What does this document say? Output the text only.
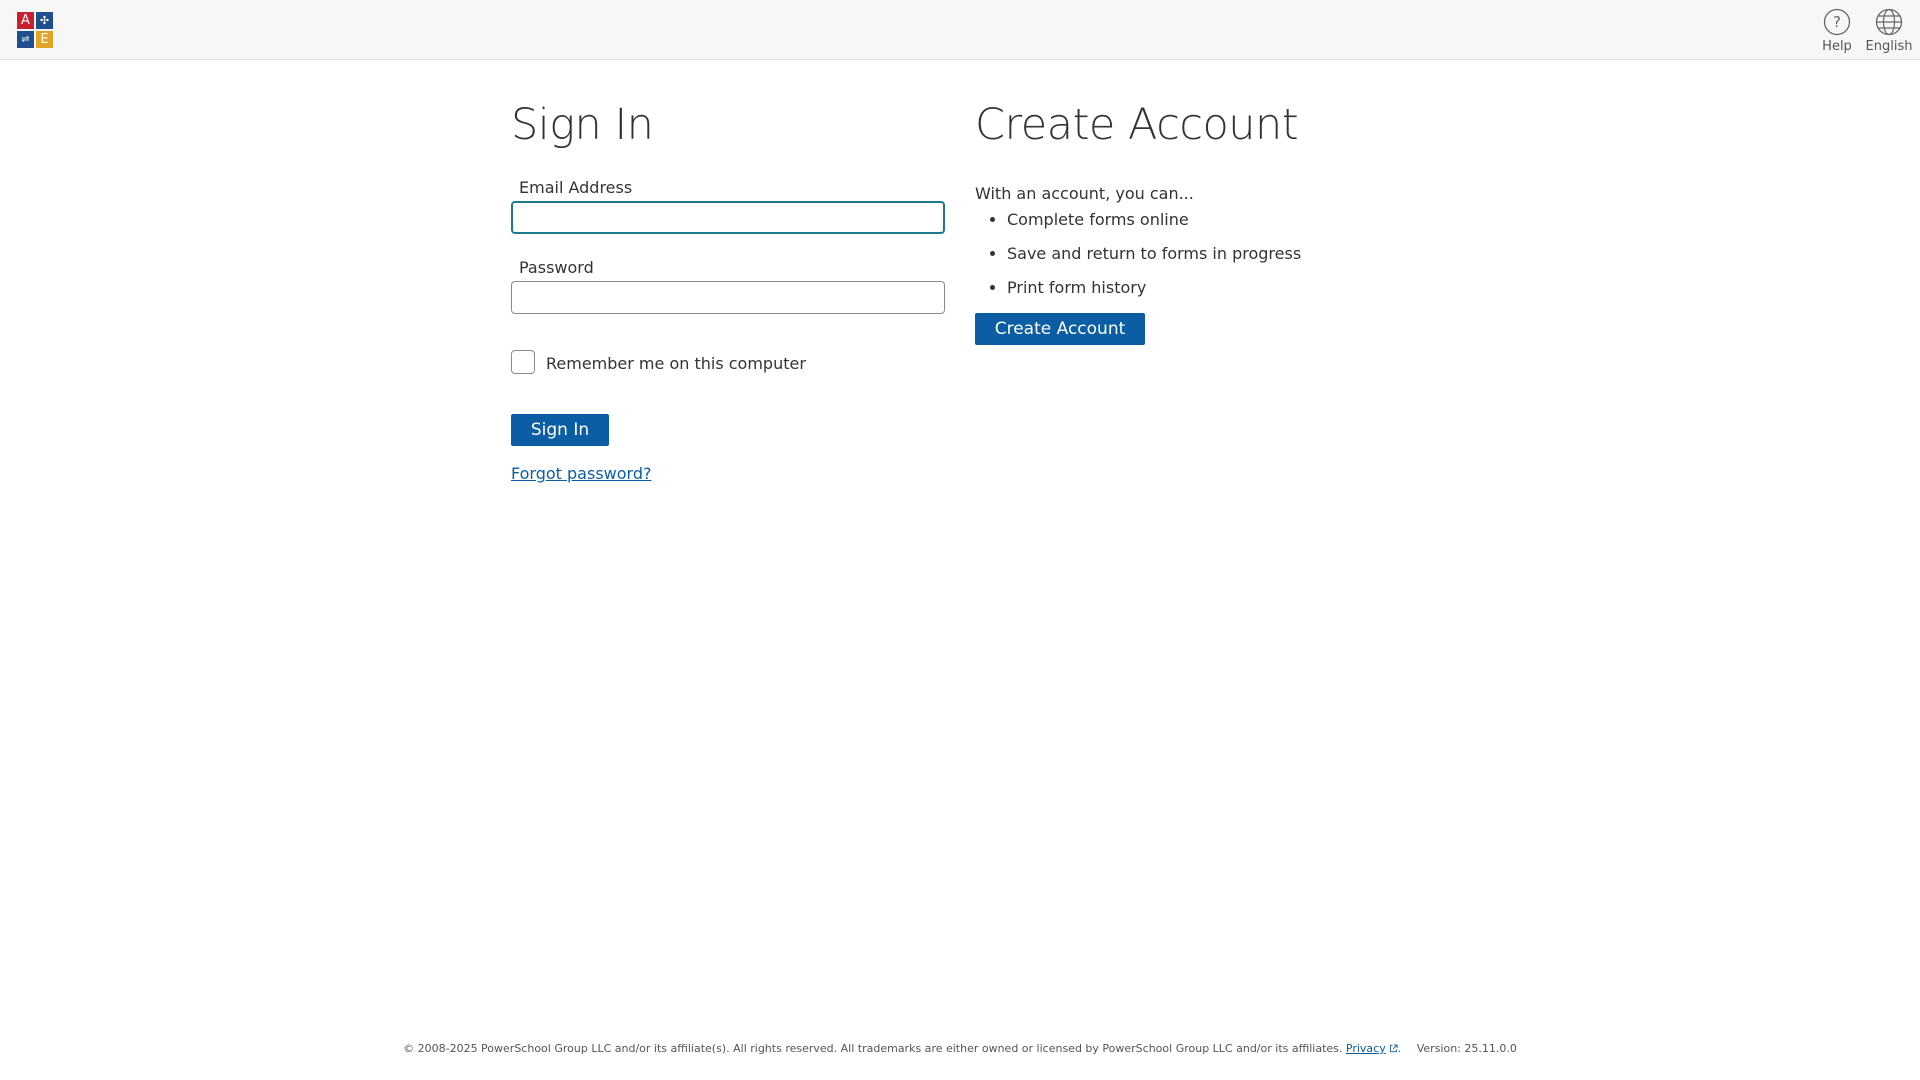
A ✣
⇌ E
?
Help English
Sign In
Email Address
Password
Remember me on this computer
Sign In
Forgot password?
Create Account

With an account, you can...

• Complete forms online
• Save and return to forms in progress
• Print form history
Create Account
© 2008-2025 PowerSchool Group LLC and/or its affiliate(s). All rights reserved. All trademarks are either owned or licensed by PowerSchool Group LLC and/or its affiliates. Privacy . Version: 25.11.0.0
